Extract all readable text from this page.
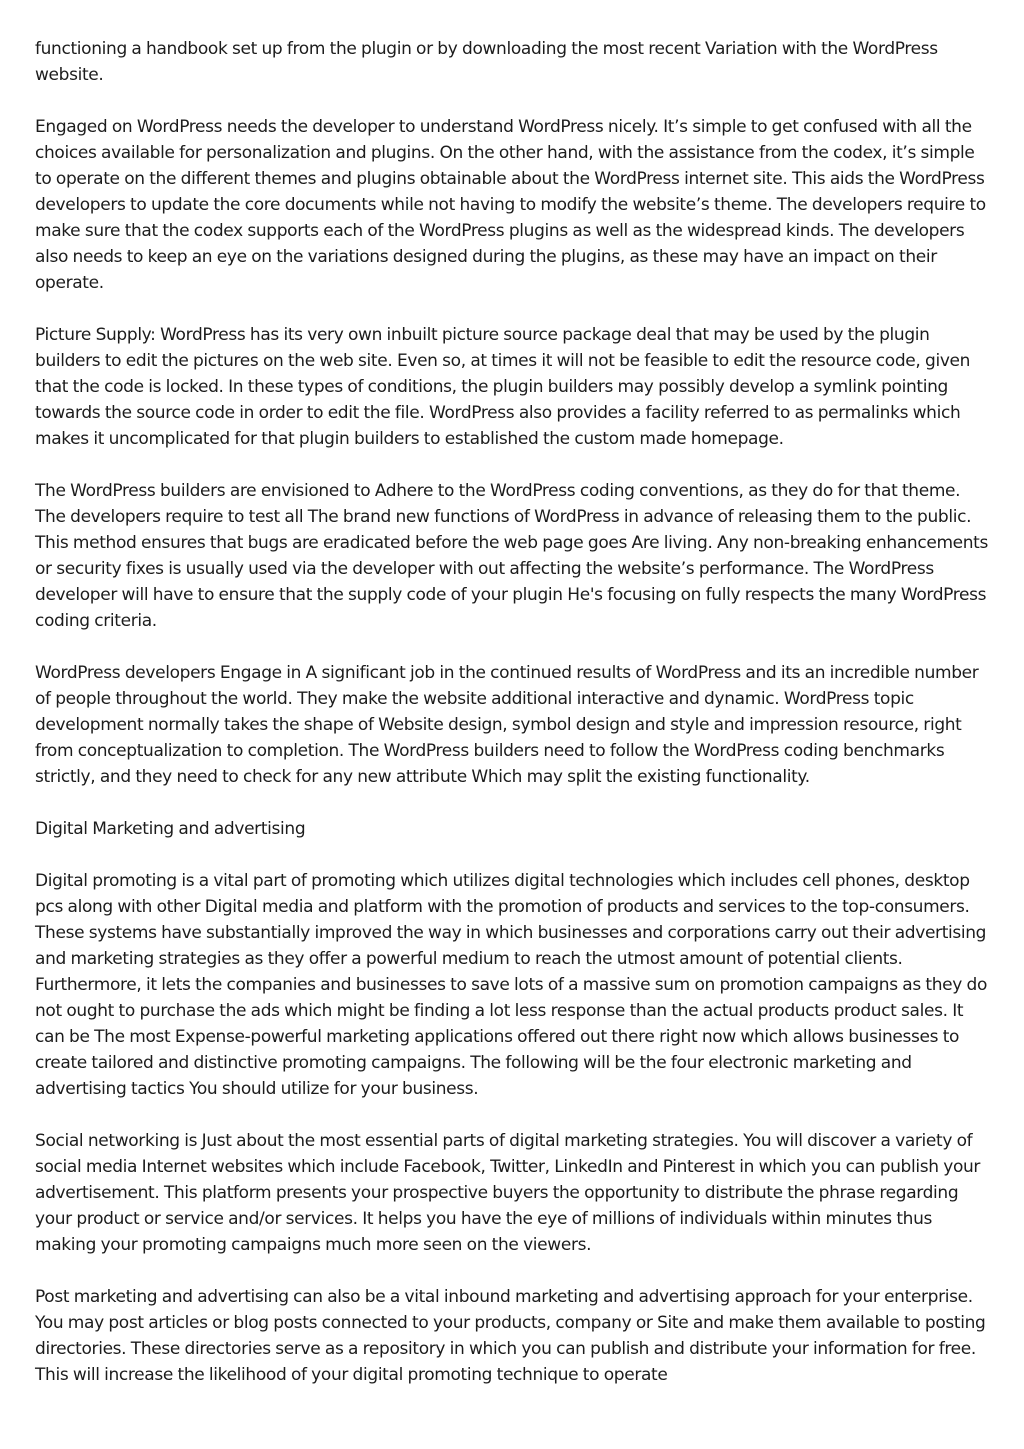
functioning a handbook set up from the plugin or by downloading the most recent Variation with the WordPress website.

Engaged on WordPress needs the developer to understand WordPress nicely. It’s simple to get confused with all the choices available for personalization and plugins. On the other hand, with the assistance from the codex, it’s simple to operate on the different themes and plugins obtainable about the WordPress internet site. This aids the WordPress developers to update the core documents while not having to modify the website’s theme. The developers require to make sure that the codex supports each of the WordPress plugins as well as the widespread kinds. The developers also needs to keep an eye on the variations designed during the plugins, as these may have an impact on their operate.

Picture Supply: WordPress has its very own inbuilt picture source package deal that may be used by the plugin builders to edit the pictures on the web site. Even so, at times it will not be feasible to edit the resource code, given that the code is locked. In these types of conditions, the plugin builders may possibly develop a symlink pointing towards the source code in order to edit the file. WordPress also provides a facility referred to as permalinks which makes it uncomplicated for that plugin builders to established the custom made homepage.

The WordPress builders are envisioned to Adhere to the WordPress coding conventions, as they do for that theme. The developers require to test all The brand new functions of WordPress in advance of releasing them to the public. This method ensures that bugs are eradicated before the web page goes Are living. Any non-breaking enhancements or security fixes is usually used via the developer with out affecting the website’s performance. The WordPress developer will have to ensure that the supply code of your plugin He's focusing on fully respects the many WordPress coding criteria.

WordPress developers Engage in A significant job in the continued results of WordPress and its an incredible number of people throughout the world. They make the website additional interactive and dynamic. WordPress topic development normally takes the shape of Website design, symbol design and style and impression resource, right from conceptualization to completion. The WordPress builders need to follow the WordPress coding benchmarks strictly, and they need to check for any new attribute Which may split the existing functionality.

Digital Marketing and advertising

Digital promoting is a vital part of promoting which utilizes digital technologies which includes cell phones, desktop pcs along with other Digital media and platform with the promotion of products and services to the top-consumers. These systems have substantially improved the way in which businesses and corporations carry out their advertising and marketing strategies as they offer a powerful medium to reach the utmost amount of potential clients. Furthermore, it lets the companies and businesses to save lots of a massive sum on promotion campaigns as they do not ought to purchase the ads which might be finding a lot less response than the actual products product sales. It can be The most Expense-powerful marketing applications offered out there right now which allows businesses to create tailored and distinctive promoting campaigns. The following will be the four electronic marketing and advertising tactics You should utilize for your business.

Social networking is Just about the most essential parts of digital marketing strategies. You will discover a variety of social media Internet websites which include Facebook, Twitter, LinkedIn and Pinterest in which you can publish your advertisement. This platform presents your prospective buyers the opportunity to distribute the phrase regarding your product or service and/or services. It helps you have the eye of millions of individuals within minutes thus making your promoting campaigns much more seen on the viewers.

Post marketing and advertising can also be a vital inbound marketing and advertising approach for your enterprise. You may post articles or blog posts connected to your products, company or Site and make them available to posting directories. These directories serve as a repository in which you can publish and distribute your information for free. This will increase the likelihood of your digital promoting technique to operate
